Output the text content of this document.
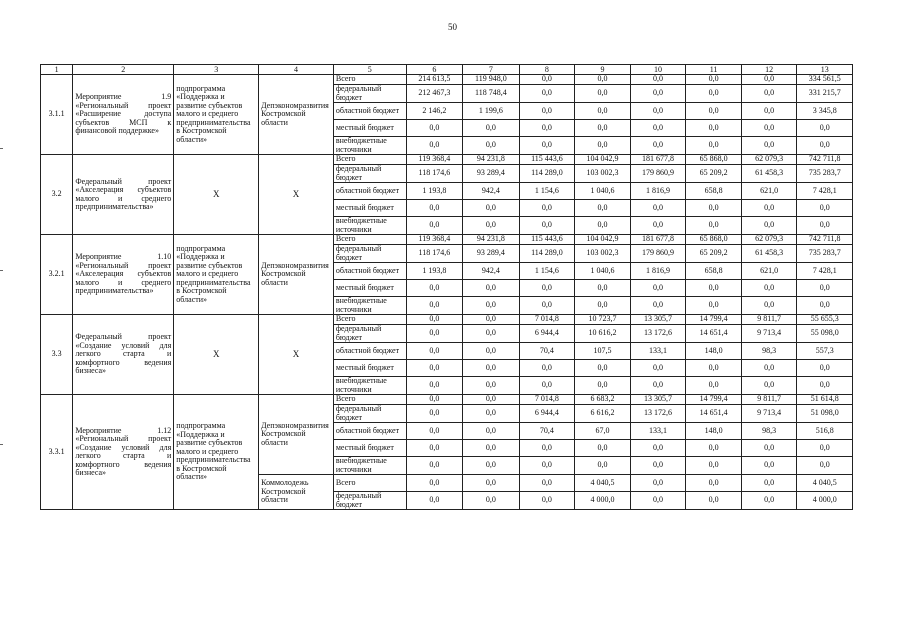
50
1	2	3	4	5	6	7	8	9	10	11	12	13
3.1.1	Мероприятие 1.9 «Региональный проект «Расширение доступа субъектов МСП к финансовой поддержке»	подпрограмма «Поддержка и развитие субъектов малого и среднего предпринимательства в Костромской области»	Депэкономразвития Костромской области	Всего	214 613,5	119 948,0	0,0	0,0	0,0	0,0	0,0	334 561,5
				федеральный бюджет	212 467,3	118 748,4	0,0	0,0	0,0	0,0	0,0	331 215,7
				областной бюджет	2 146,2	1 199,6	0,0	0,0	0,0	0,0	0,0	3 345,8
				местный бюджет	0,0	0,0	0,0	0,0	0,0	0,0	0,0	0,0
				внебюджетные источники	0,0	0,0	0,0	0,0	0,0	0,0	0,0	0,0
3.2	Федеральный проект «Акселерация субъектов малого и среднего предпринимательства»	X	X	Всего	119 368,4	94 231,8	115 443,6	104 042,9	181 677,8	65 868,0	62 079,3	742 711,8
				федеральный бюджет	118 174,6	93 289,4	114 289,0	103 002,3	179 860,9	65 209,2	61 458,3	735 283,7
				областной бюджет	1 193,8	942,4	1 154,6	1 040,6	1 816,9	658,8	621,0	7 428,1
				местный бюджет	0,0	0,0	0,0	0,0	0,0	0,0	0,0	0,0
				внебюджетные источники	0,0	0,0	0,0	0,0	0,0	0,0	0,0	0,0
3.2.1	Мероприятие 1.10 «Региональный проект «Акселерация субъектов малого и среднего предпринимательства»	подпрограмма «Поддержка и развитие субъектов малого и среднего предпринимательства в Костромской области»	Депэкономразвития Костромской области	Всего	119 368,4	94 231,8	115 443,6	104 042,9	181 677,8	65 868,0	62 079,3	742 711,8
				федеральный бюджет	118 174,6	93 289,4	114 289,0	103 002,3	179 860,9	65 209,2	61 458,3	735 283,7
				областной бюджет	1 193,8	942,4	1 154,6	1 040,6	1 816,9	658,8	621,0	7 428,1
				местный бюджет	0,0	0,0	0,0	0,0	0,0	0,0	0,0	0,0
				внебюджетные источники	0,0	0,0	0,0	0,0	0,0	0,0	0,0	0,0
3.3	Федеральный проект «Создание условий для легкого старта и комфортного ведения бизнеса»	X	X	Всего	0,0	0,0	7 014,8	10 723,7	13 305,7	14 799,4	9 811,7	55 655,3
				федеральный бюджет	0,0	0,0	6 944,4	10 616,2	13 172,6	14 651,4	9 713,4	55 098,0
				областной бюджет	0,0	0,0	70,4	107,5	133,1	148,0	98,3	557,3
				местный бюджет	0,0	0,0	0,0	0,0	0,0	0,0	0,0	0,0
				внебюджетные источники	0,0	0,0	0,0	0,0	0,0	0,0	0,0	0,0
3.3.1	Мероприятие 1.12 «Региональный проект «Создание условий для легкого старта и комфортного ведения бизнеса»	подпрограмма «Поддержка и развитие субъектов малого и среднего предпринимательства в Костромской области»	Депэкономразвития Костромской области	Всего	0,0	0,0	7 014,8	6 683,2	13 305,7	14 799,4	9 811,7	51 614,8
				федеральный бюджет	0,0	0,0	6 944,4	6 616,2	13 172,6	14 651,4	9 713,4	51 098,0
				областной бюджет	0,0	0,0	70,4	67,0	133,1	148,0	98,3	516,8
				местный бюджет	0,0	0,0	0,0	0,0	0,0	0,0	0,0	0,0
				внебюджетные источники	0,0	0,0	0,0	0,0	0,0	0,0	0,0	0,0
			Коммолодежь Костромской области	Всего	0,0	0,0	0,0	4 040,5	0,0	0,0	0,0	4 040,5
				федеральный бюджет	0,0	0,0	0,0	4 000,0	0,0	0,0	0,0	4 000,0
